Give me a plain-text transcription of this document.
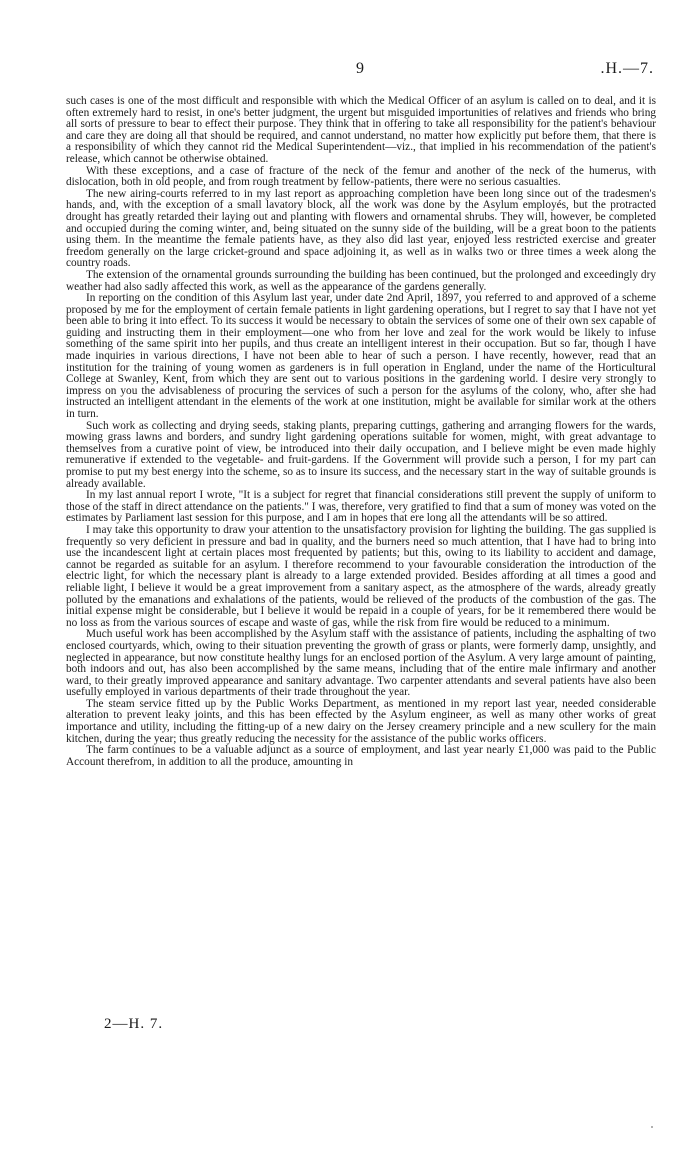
9	.H.—7.

such cases is one of the most difficult and responsible with which the Medical Officer of an asylum is called on to deal, and it is often extremely hard to resist, in one's better judgment, the urgent but misguided importunities of relatives and friends who bring all sorts of pressure to bear to effect their purpose. They think that in offering to take all responsibility for the patient's behaviour and care they are doing all that should be required, and cannot understand, no matter how explicitly put before them, that there is a responsibility of which they cannot rid the Medical Superintendent—viz., that implied in his recommendation of the patient's release, which cannot be otherwise obtained.

With these exceptions, and a case of fracture of the neck of the femur and another of the neck of the humerus, with dislocation, both in old people, and from rough treatment by fellow-patients, there were no serious casualties.

The new airing-courts referred to in my last report as approaching completion have been long since out of the tradesmen's hands, and, with the exception of a small lavatory block, all the work was done by the Asylum employés, but the protracted drought has greatly retarded their laying out and planting with flowers and ornamental shrubs. They will, however, be completed and occupied during the coming winter, and, being situated on the sunny side of the building, will be a great boon to the patients using them. In the meantime the female patients have, as they also did last year, enjoyed less restricted exercise and greater freedom generally on the large cricket-ground and space adjoining it, as well as in walks two or three times a week along the country roads.

The extension of the ornamental grounds surrounding the building has been continued, but the prolonged and exceedingly dry weather had also sadly affected this work, as well as the appearance of the gardens generally.

In reporting on the condition of this Asylum last year, under date 2nd April, 1897, you referred to and approved of a scheme proposed by me for the employment of certain female patients in light gardening operations, but I regret to say that I have not yet been able to bring it into effect. To its success it would be necessary to obtain the services of some one of their own sex capable of guiding and instructing them in their employment—one who from her love and zeal for the work would be likely to infuse something of the same spirit into her pupils, and thus create an intelligent interest in their occupation. But so far, though I have made inquiries in various directions, I have not been able to hear of such a person. I have recently, however, read that an institution for the training of young women as gardeners is in full operation in England, under the name of the Horticultural College at Swanley, Kent, from which they are sent out to various positions in the gardening world. I desire very strongly to impress on you the advisableness of procuring the services of such a person for the asylums of the colony, who, after she had instructed an intelligent attendant in the elements of the work at one institution, might be available for similar work at the others in turn.

Such work as collecting and drying seeds, staking plants, preparing cuttings, gathering and arranging flowers for the wards, mowing grass lawns and borders, and sundry light gardening operations suitable for women, might, with great advantage to themselves from a curative point of view, be introduced into their daily occupation, and I believe might be even made highly remunerative if extended to the vegetable- and fruit-gardens. If the Government will provide such a person, I for my part can promise to put my best energy into the scheme, so as to insure its success, and the necessary start in the way of suitable grounds is already available.

In my last annual report I wrote, "It is a subject for regret that financial considerations still prevent the supply of uniform to those of the staff in direct attendance on the patients." I was, therefore, very gratified to find that a sum of money was voted on the estimates by Parliament last session for this purpose, and I am in hopes that ere long all the attendants will be so attired.

I may take this opportunity to draw your attention to the unsatisfactory provision for lighting the building. The gas supplied is frequently so very deficient in pressure and bad in quality, and the burners need so much attention, that I have had to bring into use the incandescent light at certain places most frequented by patients; but this, owing to its liability to accident and damage, cannot be regarded as suitable for an asylum. I therefore recommend to your favourable consideration the introduction of the electric light, for which the necessary plant is already to a large extended provided. Besides affording at all times a good and reliable light, I believe it would be a great improvement from a sanitary aspect, as the atmosphere of the wards, already greatly polluted by the emanations and exhalations of the patients, would be relieved of the products of the combustion of the gas. The initial expense might be considerable, but I believe it would be repaid in a couple of years, for be it remembered there would be no loss as from the various sources of escape and waste of gas, while the risk from fire would be reduced to a minimum.

Much useful work has been accomplished by the Asylum staff with the assistance of patients, including the asphalting of two enclosed courtyards, which, owing to their situation preventing the growth of grass or plants, were formerly damp, unsightly, and neglected in appearance, but now constitute healthy lungs for an enclosed portion of the Asylum. A very large amount of painting, both indoors and out, has also been accomplished by the same means, including that of the entire male infirmary and another ward, to their greatly improved appearance and sanitary advantage. Two carpenter attendants and several patients have also been usefully employed in various departments of their trade throughout the year.

The steam service fitted up by the Public Works Department, as mentioned in my report last year, needed considerable alteration to prevent leaky joints, and this has been effected by the Asylum engineer, as well as many other works of great importance and utility, including the fitting-up of a new dairy on the Jersey creamery principle and a new scullery for the main kitchen, during the year; thus greatly reducing the necessity for the assistance of the public works officers.

The farm continues to be a valuable adjunct as a source of employment, and last year nearly £1,000 was paid to the Public Account therefrom, in addition to all the produce, amounting in

2—H. 7.
